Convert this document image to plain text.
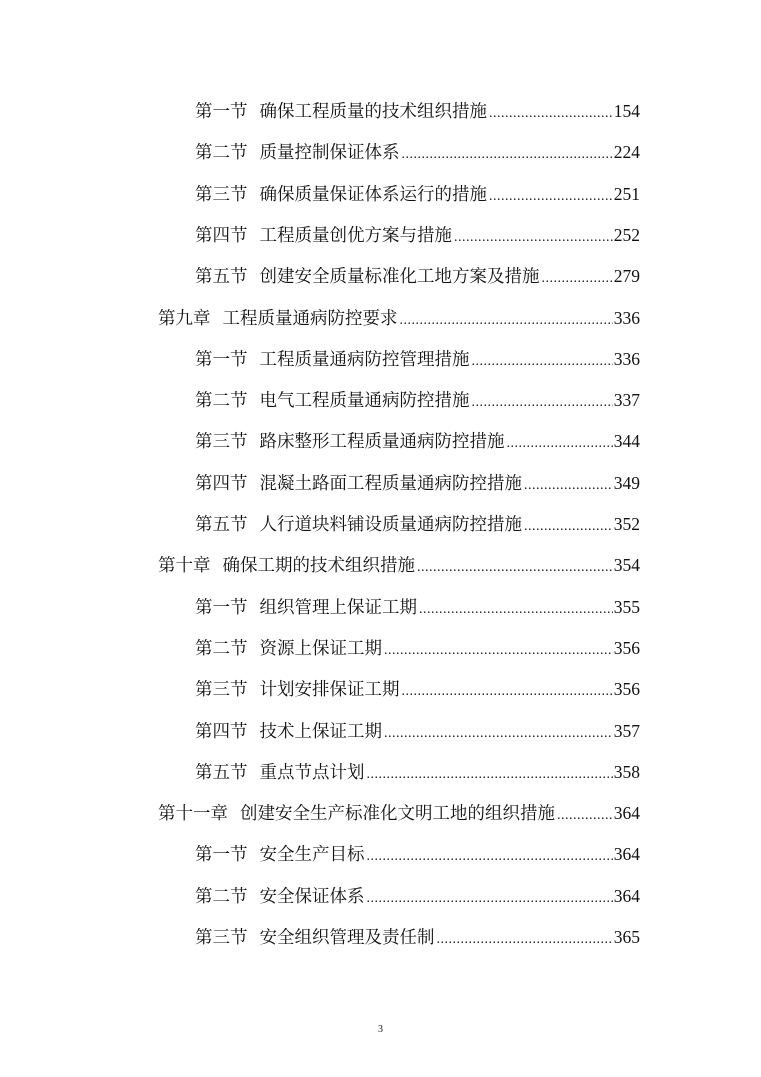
第一节 确保工程质量的技术组织措施 .....	154
第二节 质量控制保证体系 .....	224
第三节 确保质量保证体系运行的措施 .....	251
第四节 工程质量创优方案与措施 .....	252
第五节 创建安全质量标准化工地方案及措施 .....	279
第九章 工程质量通病防控要求 .....	336
第一节 工程质量通病防控管理措施 .....	336
第二节 电气工程质量通病防控措施 .....	337
第三节 路床整形工程质量通病防控措施 .....	344
第四节 混凝土路面工程质量通病防控措施 .....	349
第五节 人行道块料铺设质量通病防控措施 .....	352
第十章 确保工期的技术组织措施 .....	354
第一节 组织管理上保证工期 .....	355
第二节 资源上保证工期 .....	356
第三节 计划安排保证工期 .....	356
第四节 技术上保证工期 .....	357
第五节 重点节点计划 .....	358
第十一章 创建安全生产标准化文明工地的组织措施 .....	364
第一节 安全生产目标 .....	364
第二节 安全保证体系 .....	364
第三节 安全组织管理及责任制 .....	365
3
